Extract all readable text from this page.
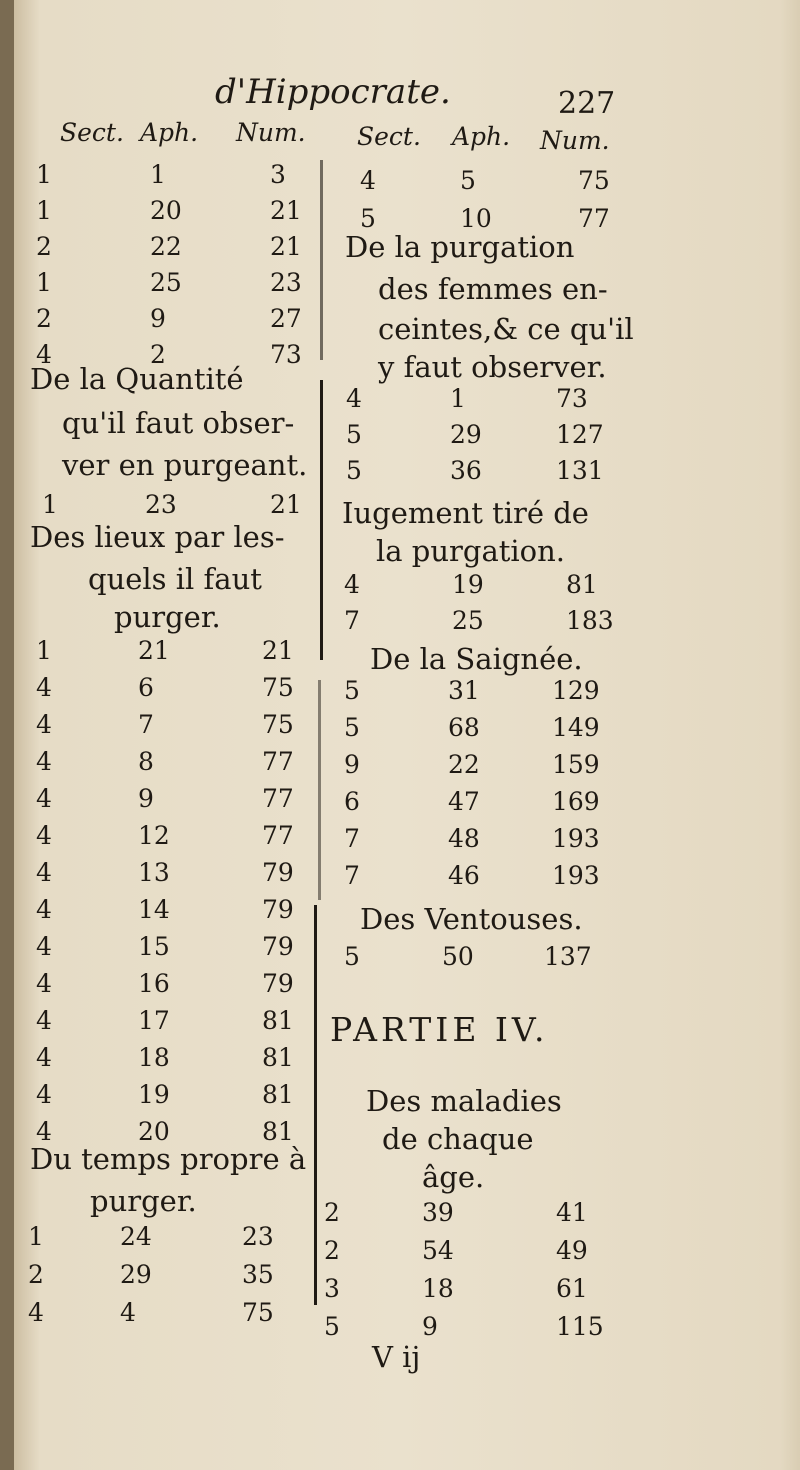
d'Hippocrate.	227
Sect. Aph. Num. Sect. Aph. Num.
1	1	3
1	20	21
2	22	21
1	25	23
2	9	27
4	2	73
De la Quantité
qu'il faut obser-
ver en purgeant.
1	23	21
Des lieux par les-
quels il faut
purger.
1	21	21
4	6	75
4	7	75
4	8	77
4	9	77
4	12	77
4	13	79
4	14	79
4	15	79
4	16	79
4	17	81
4	18	81
4	19	81
4	20	81
Du temps propre à
purger.
1	24	23
2	29	35
4	4	75
4	5	75
5	10	77
De la purgation
des femmes en-
ceintes,& ce qu'il
y faut observer.
4	1	73
5	29	127
5	36	131
Iugement tiré de
la purgation.
4	19	81
7	25	183
De la Saignée.
5	31	129
5	68	149
9	22	159
6	47	169
7	48	193
7	46	193
Des Ventouses.
5	50	137
PARTIE IV.
Des maladies
de chaque
âge.
2	39	41
2	54	49
3	18	61
5	9	115
V ij
